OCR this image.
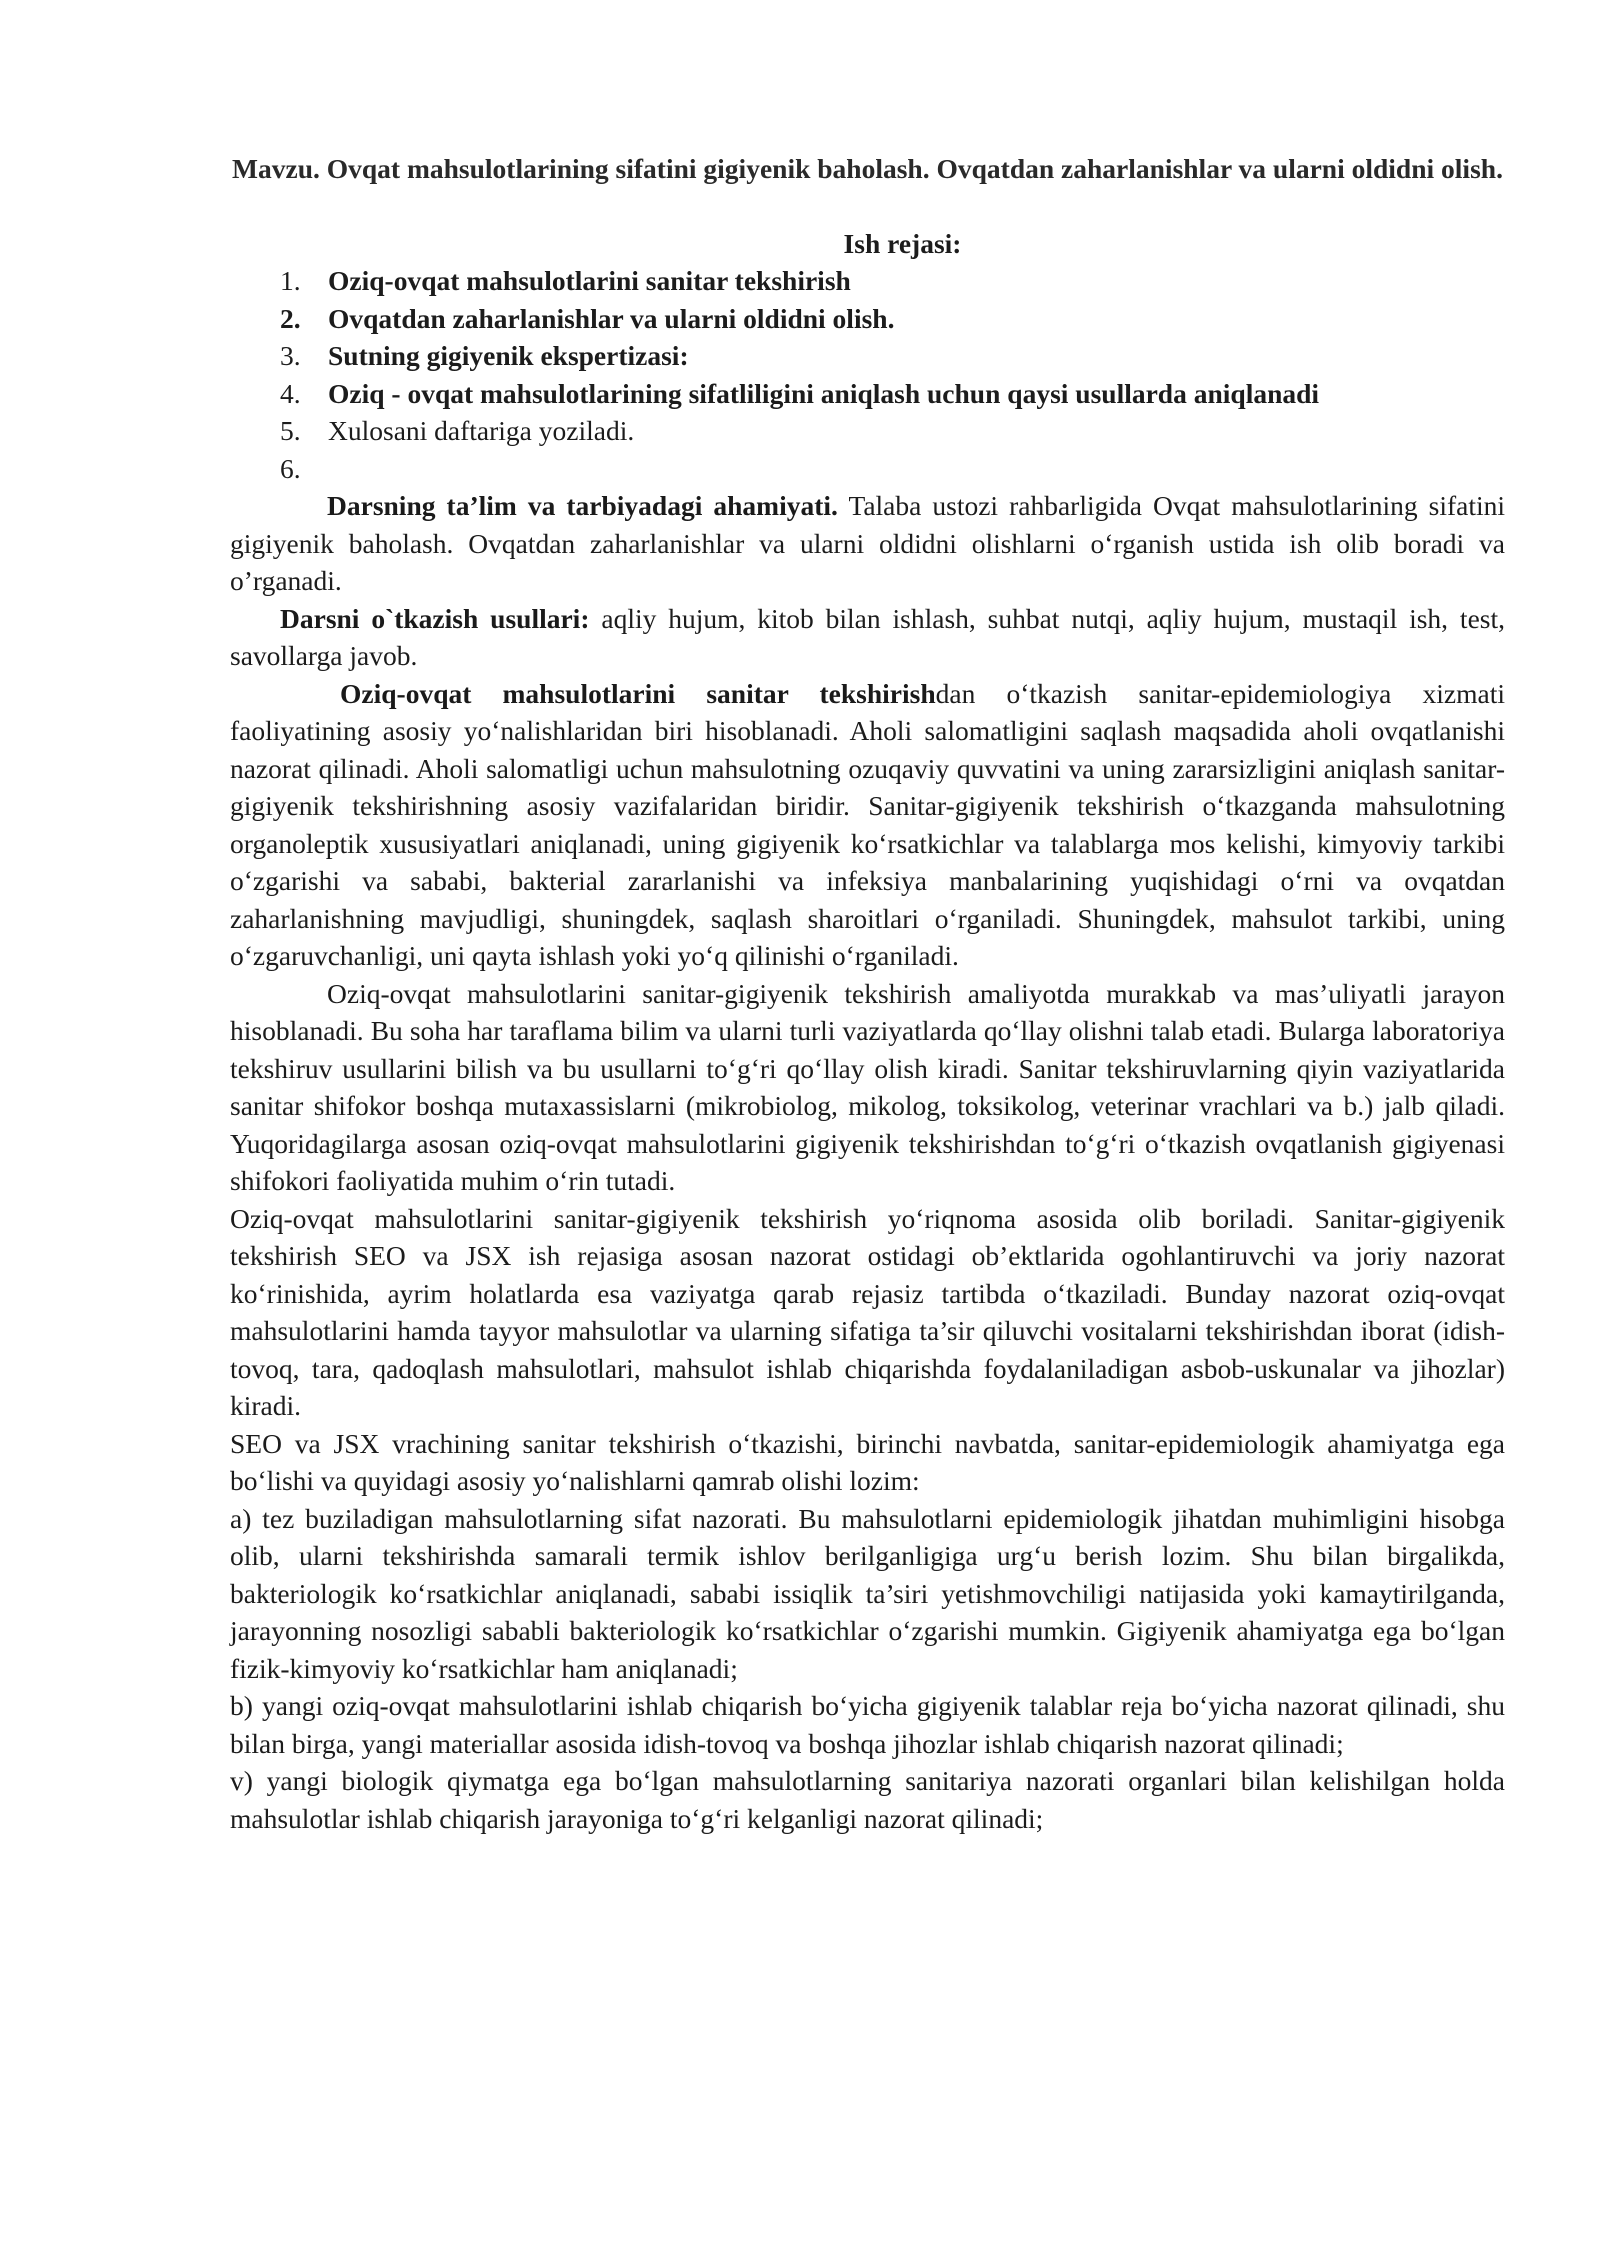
Mavzu. Ovqat mahsulotlarining sifatini gigiyenik baholash. Ovqatdan zaharlanishlar va ularni oldidni olish.
Ish rejasi:
1. Oziq-ovqat mahsulotlarini sanitar tekshirish
2. Ovqatdan zaharlanishlar va ularni oldidni olish.
3. Sutning gigiyenik ekspertizasi:
4. Oziq - ovqat mahsulotlarining sifatliligini aniqlash uchun qaysi usullarda aniqlanadi
5. Xulosani daftariga yoziladi.
6.

Darsning ta’lim va tarbiyadagi ahamiyati. Talaba ustozi rahbarligida Ovqat mahsulotlarining sifatini gigiyenik baholash. Ovqatdan zaharlanishlar va ularni oldidni olishlarni o‘rganish ustida ish olib boradi va o’rganadi.

Darsni o`tkazish usullari: aqliy hujum, kitob bilan ishlash, suhbat nutqi, aqliy hujum, mustaqil ish, test, savollarga javob.

Oziq-ovqat mahsulotlarini sanitar tekshirishdan o‘tkazish sanitar-epidemiologiya xizmati faoliyatining asosiy yo‘nalishlaridan biri hisoblanadi. Aholi salomatligini saqlash maqsadida aholi ovqatlanishi nazorat qilinadi. Aholi salomatligi uchun mahsulotning ozuqaviy quvvatini va uning zararsizligini aniqlash sanitar-gigiyenik tekshirishning asosiy vazifalaridan biridir. Sanitar-gigiyenik tekshirish o‘tkazganda mahsulotning organoleptik xususiyatlari aniqlanadi, uning gigiyenik ko‘rsatkichlar va talablarga mos kelishi, kimyoviy tarkibi o‘zgarishi va sababi, bakterial zararlanishi va infeksiya manbalarining yuqishidagi o‘rni va ovqatdan zaharlanishning mavjudligi, shuningdek, saqlash sharoitlari o‘rganiladi. Shuningdek, mahsulot tarkibi, uning o‘zgaruvchanligi, uni qayta ishlash yoki yo‘q qilinishi o‘rganiladi.

Oziq-ovqat mahsulotlarini sanitar-gigiyenik tekshirish amaliyotda murakkab va mas’uliyatli jarayon hisoblanadi. Bu soha har taraflama bilim va ularni turli vaziyatlarda qo‘llay olishni talab etadi. Bularga laboratoriya tekshiruv usullarini bilish va bu usullarni to‘g‘ri qo‘llay olish kiradi. Sanitar tekshiruvlarning qiyin vaziyatlarida sanitar shifokor boshqa mutaxassislarni (mikrobiolog, mikolog, toksikolog, veterinar vrachlari va b.) jalb qiladi. Yuqoridagilarga asosan oziq-ovqat mahsulotlarini gigiyenik tekshirishdan to‘g‘ri o‘tkazish ovqatlanish gigiyenasi shifokori faoliyatida muhim o‘rin tutadi.

Oziq-ovqat mahsulotlarini sanitar-gigiyenik tekshirish yo‘riqnoma asosida olib boriladi. Sanitar-gigiyenik tekshirish SEO va JSX ish rejasiga asosan nazorat ostidagi ob’ektlarida ogohlantiruvchi va joriy nazorat ko‘rinishida, ayrim holatlarda esa vaziyatga qarab rejasiz tartibda o‘tkaziladi. Bunday nazorat oziq-ovqat mahsulotlarini hamda tayyor mahsulotlar va ularning sifatiga ta’sir qiluvchi vositalarni tekshirishdan iborat (idish-tovoq, tara, qadoqlash mahsulotlari, mahsulot ishlab chiqarishda foydalaniladigan asbob-uskunalar va jihozlar) kiradi.

SEO va JSX vrachining sanitar tekshirish o‘tkazishi, birinchi navbatda, sanitar-epidemiologik ahamiyatga ega bo‘lishi va quyidagi asosiy yo‘nalishlarni qamrab olishi lozim:

a) tez buziladigan mahsulotlarning sifat nazorati. Bu mahsulotlarni epidemiologik jihatdan muhimligini hisobga olib, ularni tekshirishda samarali termik ishlov berilganligiga urg‘u berish lozim. Shu bilan birgalikda, bakteriologik ko‘rsatkichlar aniqlanadi, sababi issiqlik ta’siri yetishmovchiligi natijasida yoki kamaytirilganda, jarayonning nosozligi sababli bakteriologik ko‘rsatkichlar o‘zgarishi mumkin. Gigiyenik ahamiyatga ega bo‘lgan fizik-kimyoviy ko‘rsatkichlar ham aniqlanadi;

b) yangi oziq-ovqat mahsulotlarini ishlab chiqarish bo‘yicha gigiyenik talablar reja bo‘yicha nazorat qilinadi, shu bilan birga, yangi materiallar asosida idish-tovoq va boshqa jihozlar ishlab chiqarish nazorat qilinadi;

v) yangi biologik qiymatga ega bo‘lgan mahsulotlarning sanitariya nazorati organlari bilan kelishilgan holda mahsulotlar ishlab chiqarish jarayoniga to‘g‘ri kelganligi nazorat qilinadi;
